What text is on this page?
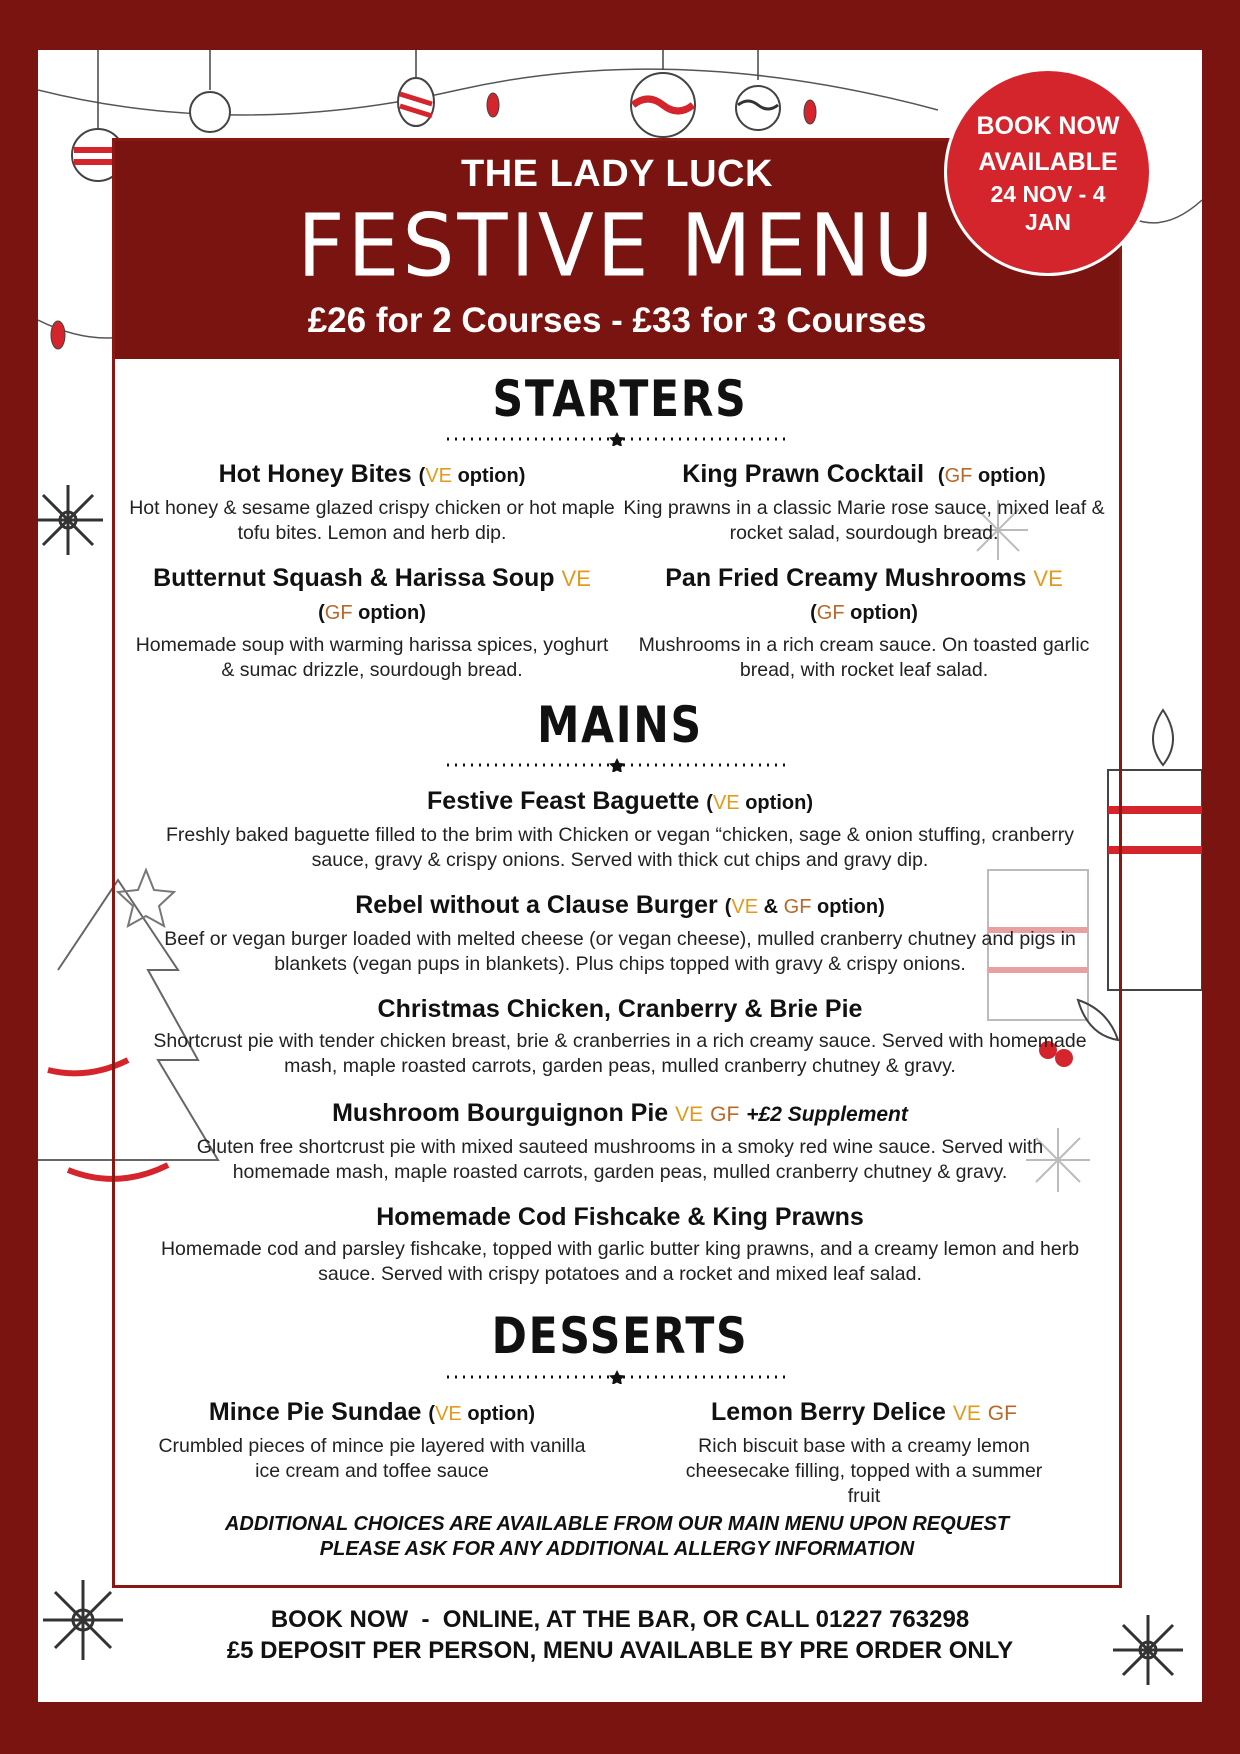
THE LADY LUCK
FESTIVE MENU
£26 for 2 Courses - £33 for 3 Courses
BOOK NOW
AVAILABLE
24 NOV - 4 JAN
STARTERS
Hot Honey Bites (VE option)
Hot honey & sesame glazed crispy chicken or hot maple tofu bites. Lemon and herb dip.
King Prawn Cocktail (GF option)
King prawns in a classic Marie rose sauce, mixed leaf & rocket salad, sourdough bread.
Butternut Squash & Harissa Soup VE
(GF option)
Homemade soup with warming harissa spices, yoghurt & sumac drizzle, sourdough bread.
Pan Fried Creamy Mushrooms VE
(GF option)
Mushrooms in a rich cream sauce. On toasted garlic bread, with rocket leaf salad.
MAINS
Festive Feast Baguette (VE option)
Freshly baked baguette filled to the brim with Chicken or vegan “chicken, sage & onion stuffing, cranberry sauce, gravy & crispy onions. Served with thick cut chips and gravy dip.
Rebel without a Clause Burger (VE & GF option)
Beef or vegan burger loaded with melted cheese (or vegan cheese), mulled cranberry chutney and pigs in blankets (vegan pups in blankets). Plus chips topped with gravy & crispy onions.
Christmas Chicken, Cranberry & Brie Pie
Shortcrust pie with tender chicken breast, brie & cranberries in a rich creamy sauce. Served with homemade mash, maple roasted carrots, garden peas, mulled cranberry chutney & gravy.
Mushroom Bourguignon Pie VE GF +£2 Supplement
Gluten free shortcrust pie with mixed sauteed mushrooms in a smoky red wine sauce. Served with homemade mash, maple roasted carrots, garden peas, mulled cranberry chutney & gravy.
Homemade Cod Fishcake & King Prawns
Homemade cod and parsley fishcake, topped with garlic butter king prawns, and a creamy lemon and herb sauce. Served with crispy potatoes and a rocket and mixed leaf salad.
DESSERTS
Mince Pie Sundae (VE option)
Crumbled pieces of mince pie layered with vanilla ice cream and toffee sauce
Lemon Berry Delice VE GF
Rich biscuit base with a creamy lemon cheesecake filling, topped with a summer fruit
ADDITIONAL CHOICES ARE AVAILABLE FROM OUR MAIN MENU UPON REQUEST
PLEASE ASK FOR ANY ADDITIONAL ALLERGY INFORMATION
BOOK NOW  -  ONLINE, AT THE BAR, OR CALL 01227 763298
£5 DEPOSIT PER PERSON, MENU AVAILABLE BY PRE ORDER ONLY
